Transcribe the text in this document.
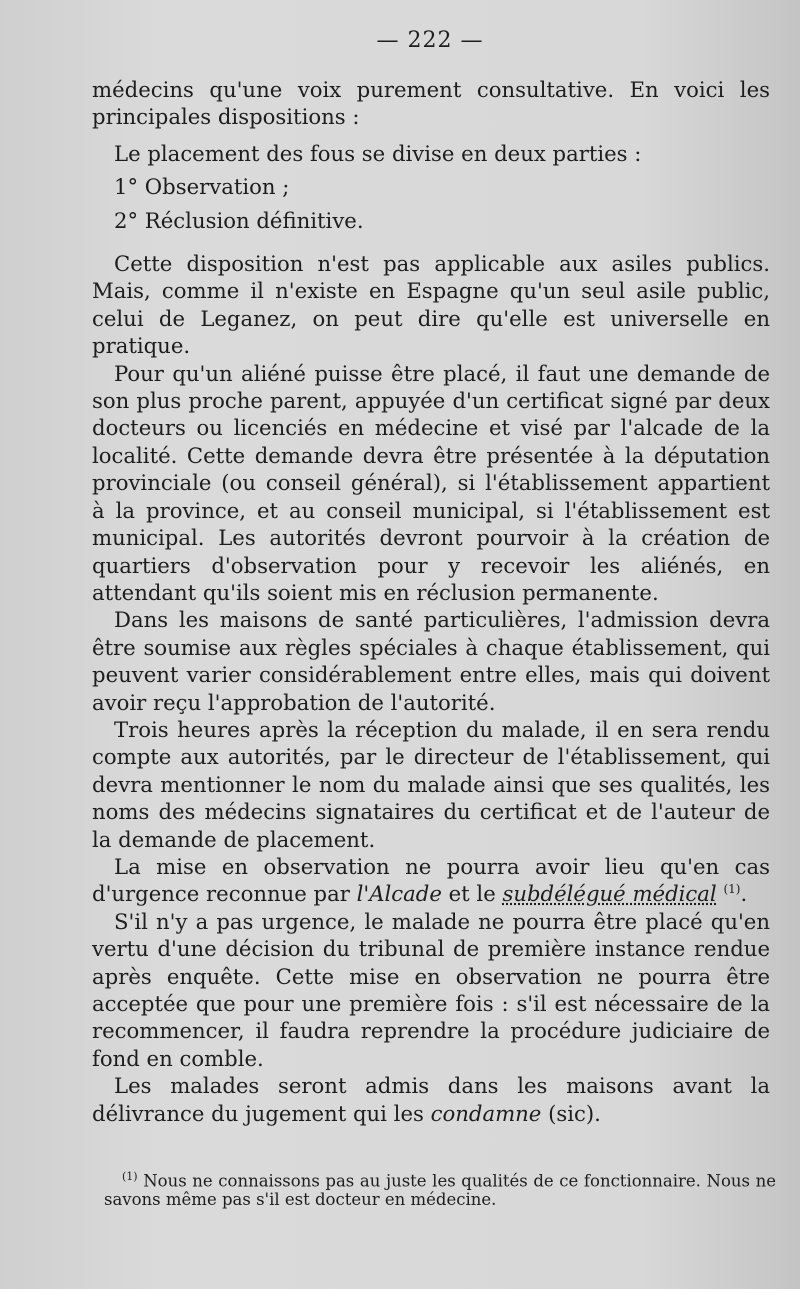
— 222 —

médecins qu'une voix purement consultative. En voici les principales dispositions :

Le placement des fous se divise en deux parties :

1° Observation ;

2° Réclusion définitive.

Cette disposition n'est pas applicable aux asiles publics. Mais, comme il n'existe en Espagne qu'un seul asile public, celui de Leganez, on peut dire qu'elle est universelle en pratique.

Pour qu'un aliéné puisse être placé, il faut une demande de son plus proche parent, appuyée d'un certificat signé par deux docteurs ou licenciés en médecine et visé par l'alcade de la localité. Cette demande devra être présentée à la députation provinciale (ou conseil général), si l'établissement appartient à la province, et au conseil municipal, si l'établissement est municipal. Les autorités devront pourvoir à la création de quartiers d'observation pour y recevoir les aliénés, en attendant qu'ils soient mis en réclusion permanente.

Dans les maisons de santé particulières, l'admission devra être soumise aux règles spéciales à chaque établissement, qui peuvent varier considérablement entre elles, mais qui doivent avoir reçu l'approbation de l'autorité.

Trois heures après la réception du malade, il en sera rendu compte aux autorités, par le directeur de l'établissement, qui devra mentionner le nom du malade ainsi que ses qualités, les noms des médecins signataires du certificat et de l'auteur de la demande de placement.

La mise en observation ne pourra avoir lieu qu'en cas d'urgence reconnue par l'Alcade et le subdélégué médical $^{(1)}$.

S'il n'y a pas urgence, le malade ne pourra être placé qu'en vertu d'une décision du tribunal de première instance rendue après enquête. Cette mise en observation ne pourra être acceptée que pour une première fois : s'il est nécessaire de la recommencer, il faudra reprendre la procédure judiciaire de fond en comble.

Les malades seront admis dans les maisons avant la délivrance du jugement qui les condamne (sic).

$^{(1)}$ Nous ne connaissons pas au juste les qualités de ce fonctionnaire. Nous ne savons même pas s'il est docteur en médecine.
